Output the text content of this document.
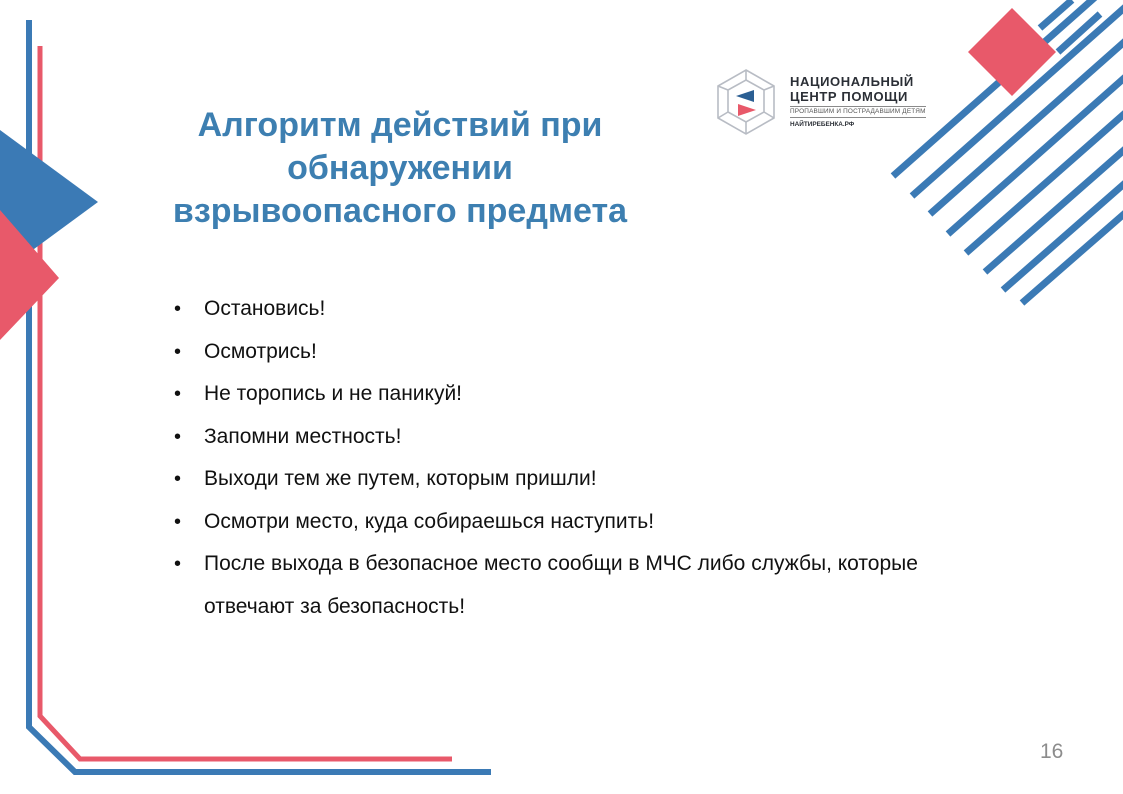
НАЦИОНАЛЬНЫЙ
ЦЕНТР ПОМОЩИ
ПРОПАВШИМ И ПОСТРАДАВШИМ ДЕТЯМ
НАЙТИРЕБЕНКА.РФ
Алгоритм действий при
обнаружении
взрывоопасного предмета
• Остановись!
• Осмотрись!
• Не торопись и не паникуй!
• Запомни местность!
• Выходи тем же путем, которым пришли!
• Осмотри место, куда собираешься наступить!
• После выхода в безопасное место сообщи в МЧС либо службы, которые отвечают за безопасность!
16
